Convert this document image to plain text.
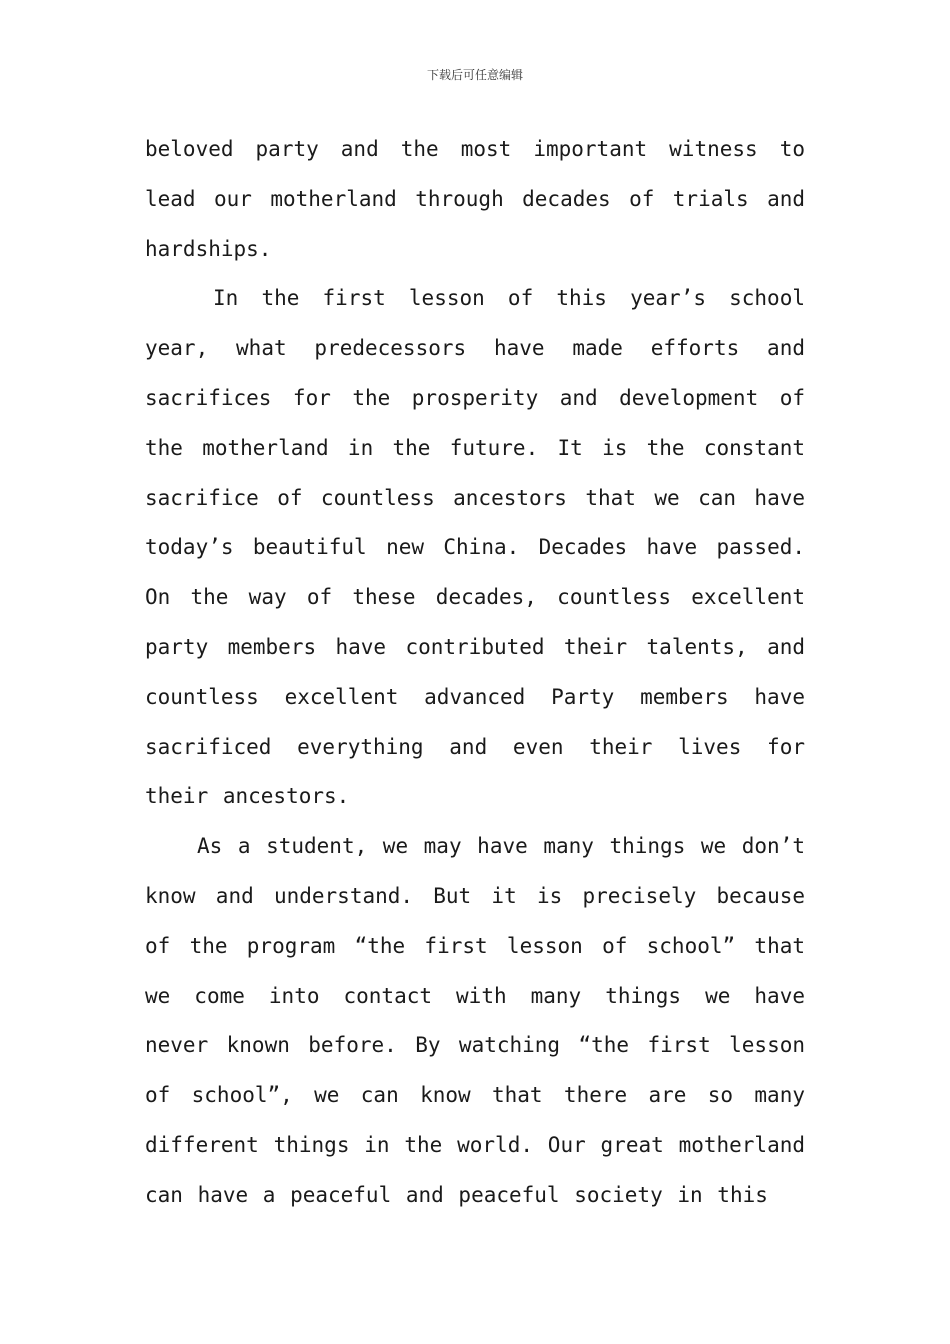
下载后可任意编辑

beloved party and the most important witness to lead our motherland through decades of trials and hardships.

In the first lesson of this year’s school year, what predecessors have made efforts and sacrifices for the prosperity and development of the motherland in the future. It is the constant sacrifice of countless ancestors that we can have today’s beautiful new China. Decades have passed. On the way of these decades, countless excellent party members have contributed their talents, and countless excellent advanced Party members have sacrificed everything and even their lives for their ancestors.

As a student, we may have many things we don’t know and understand. But it is precisely because of the program “the first lesson of school” that we come into contact with many things we have never known before. By watching “the first lesson of school”, we can know that there are so many different things in the world. Our great motherland can have a peaceful and peaceful society in this
